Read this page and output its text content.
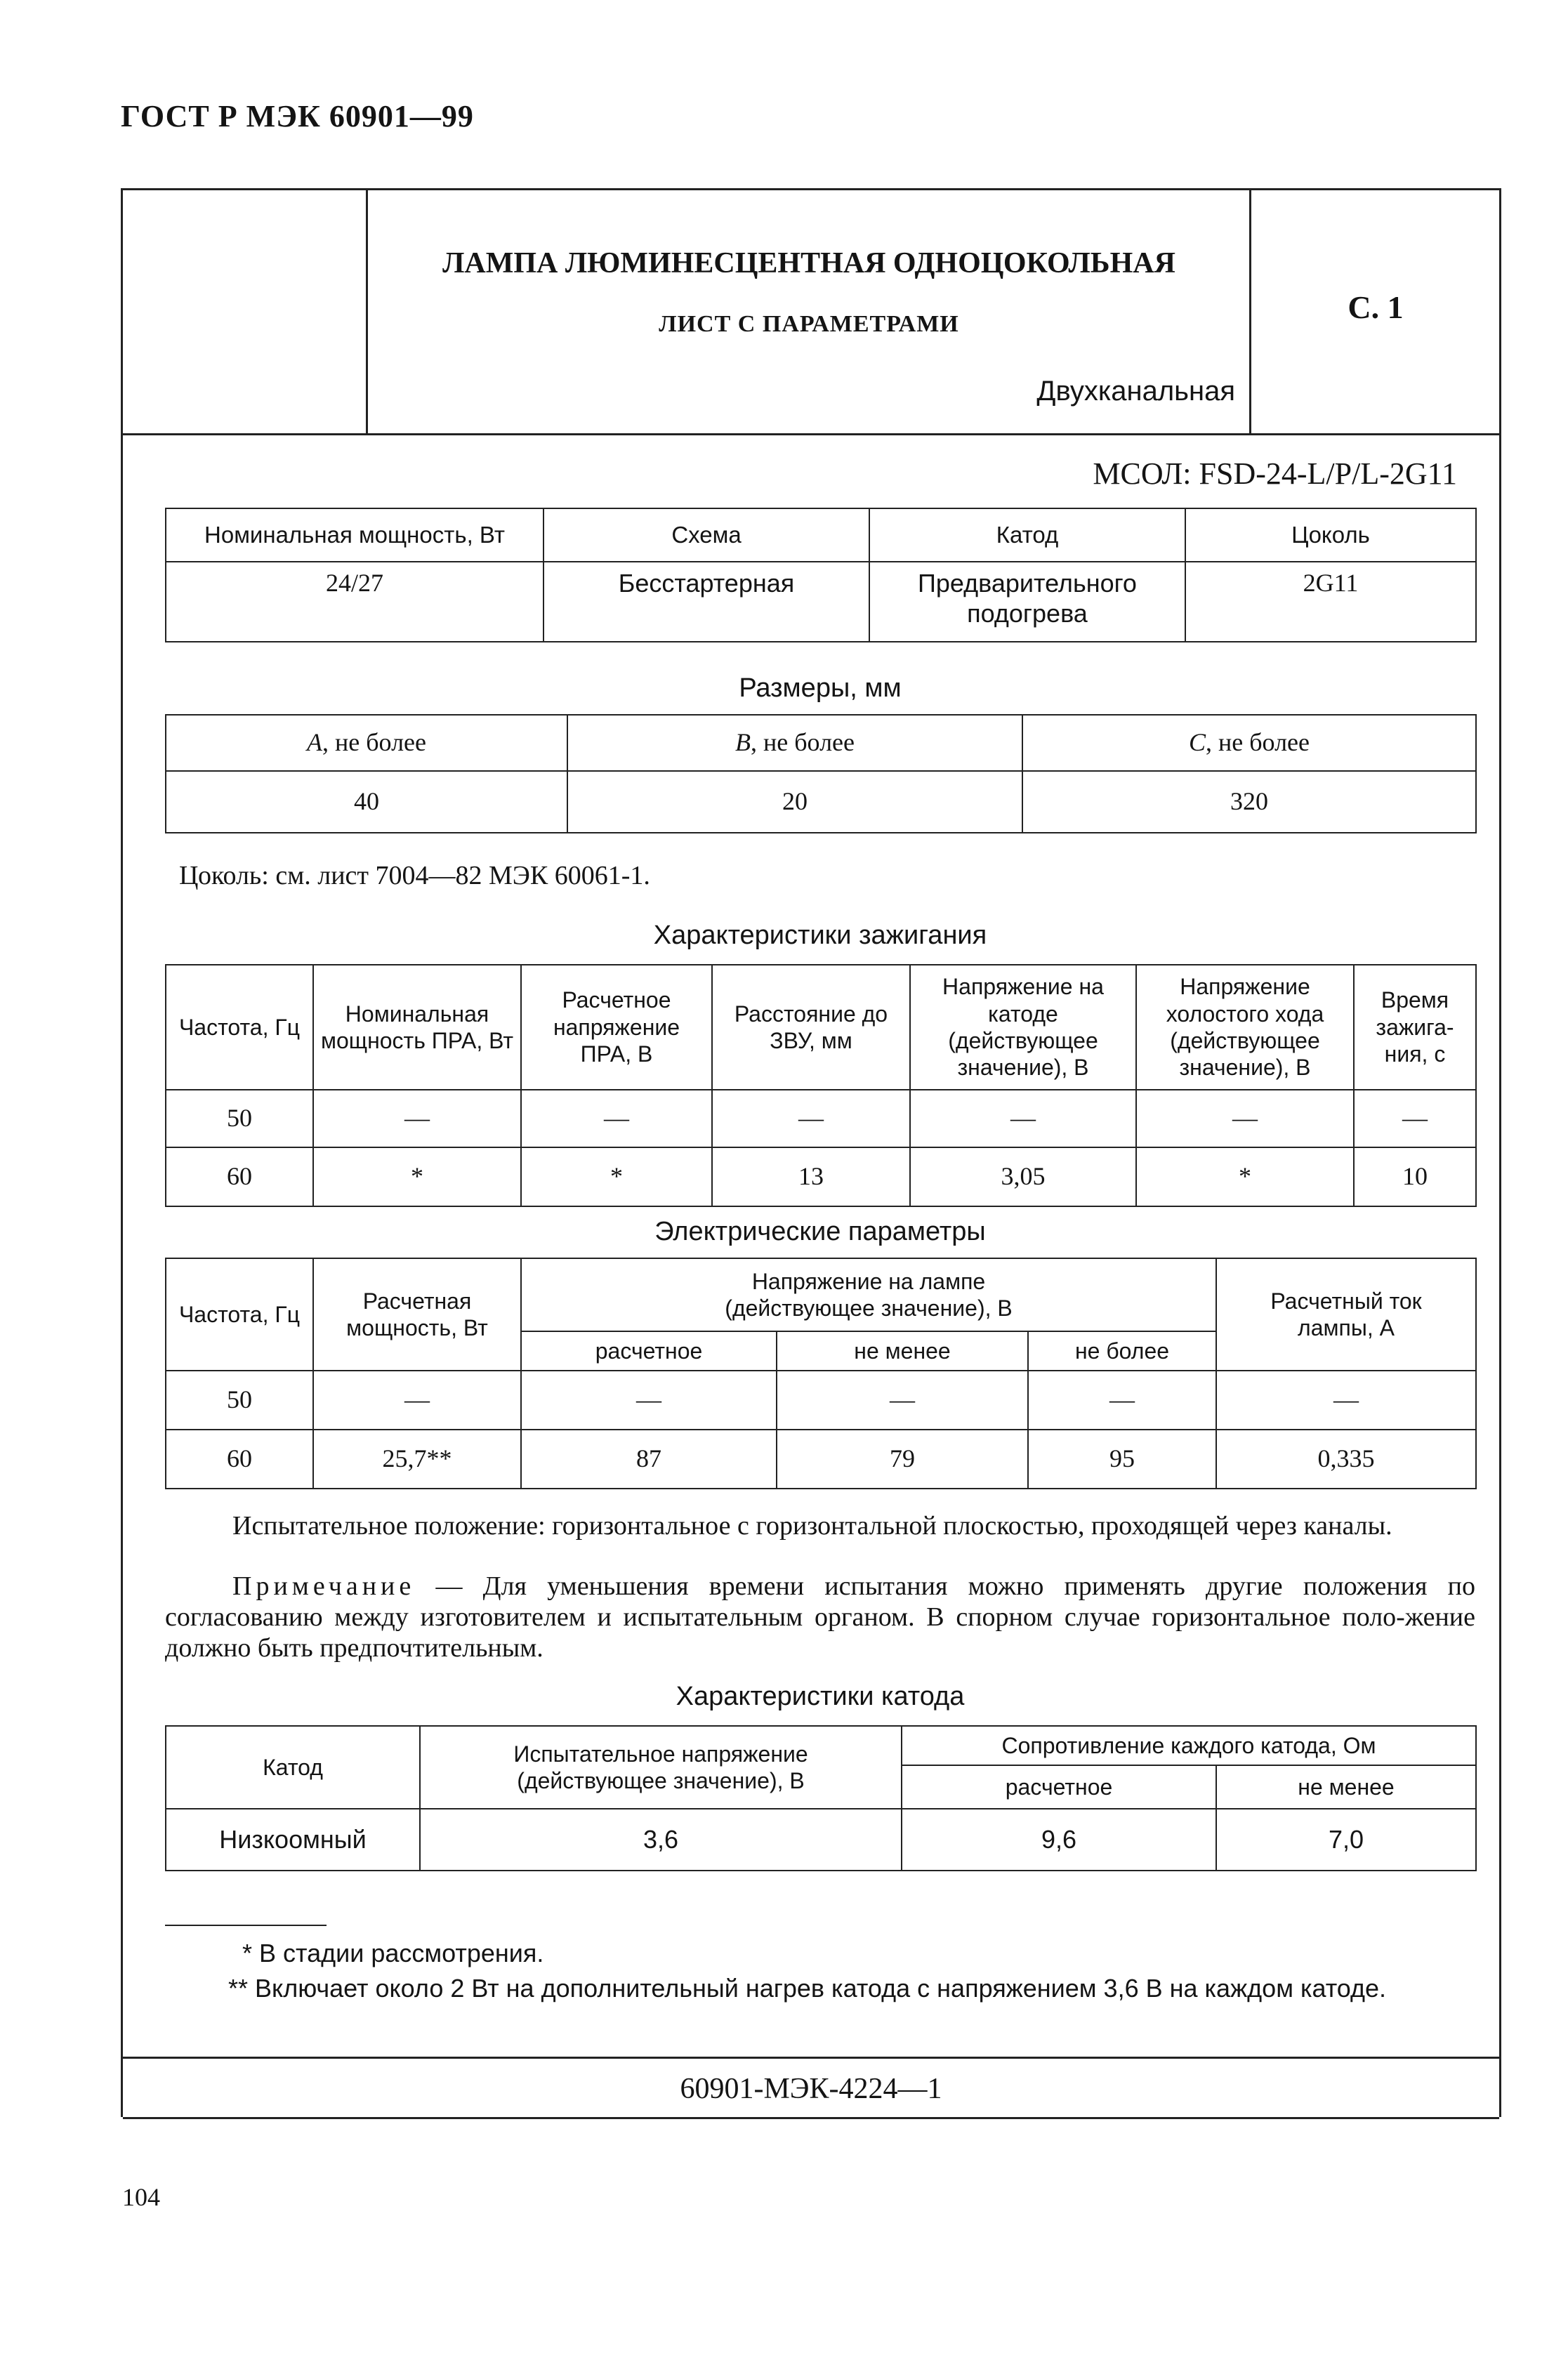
ГОСТ Р МЭК 60901—99
ЛАМПА ЛЮМИНЕСЦЕНТНАЯ ОДНОЦОКОЛЬНАЯ
ЛИСТ С ПАРАМЕТРАМИ
Двухканальная
С. 1
МСОЛ: FSD-24-L/P/L-2G11
Номинальная мощность, Вт	Схема	Катод	Цоколь
24/27	Бесстартерная	Предварительного подогрева	2G11
Размеры, мм
A, не более	B, не более	C, не более
40	20	320
Цоколь: см. лист 7004—82 МЭК 60061-1.
Характеристики зажигания
Частота, Гц	Номинальная мощность ПРА, Вт	Расчетное напряжение ПРА, В	Расстояние до ЗВУ, мм	Напряжение на катоде (действующее значение), В	Напряжение холостого хода (действующее значение), В	Время зажига-ния, с
50	—	—	—	—	—	—
60	*	*	13	3,05	*	10
Электрические параметры
Частота, Гц	Расчетная мощность, Вт	Напряжение на лампе (действующее значение), В			Расчетный ток лампы, А
		расчетное	не менее	не более	
50	—	—	—	—	—
60	25,7**	87	79	95	0,335
Испытательное положение: горизонтальное с горизонтальной плоскостью, проходящей через каналы.
Примечание — Для уменьшения времени испытания можно применять другие положения по согласованию между изготовителем и испытательным органом. В спорном случае горизонтальное поло-жение должно быть предпочтительным.
Характеристики катода
Катод	Испытательное напряжение (действующее значение), В	Сопротивление каждого катода, Ом	
		расчетное	не менее
Низкоомный	3,6	9,6	7,0
* В стадии рассмотрения.
** Включает около 2 Вт на дополнительный нагрев катода с напряжением 3,6 В на каждом катоде.
60901-МЭК-4224—1
104
